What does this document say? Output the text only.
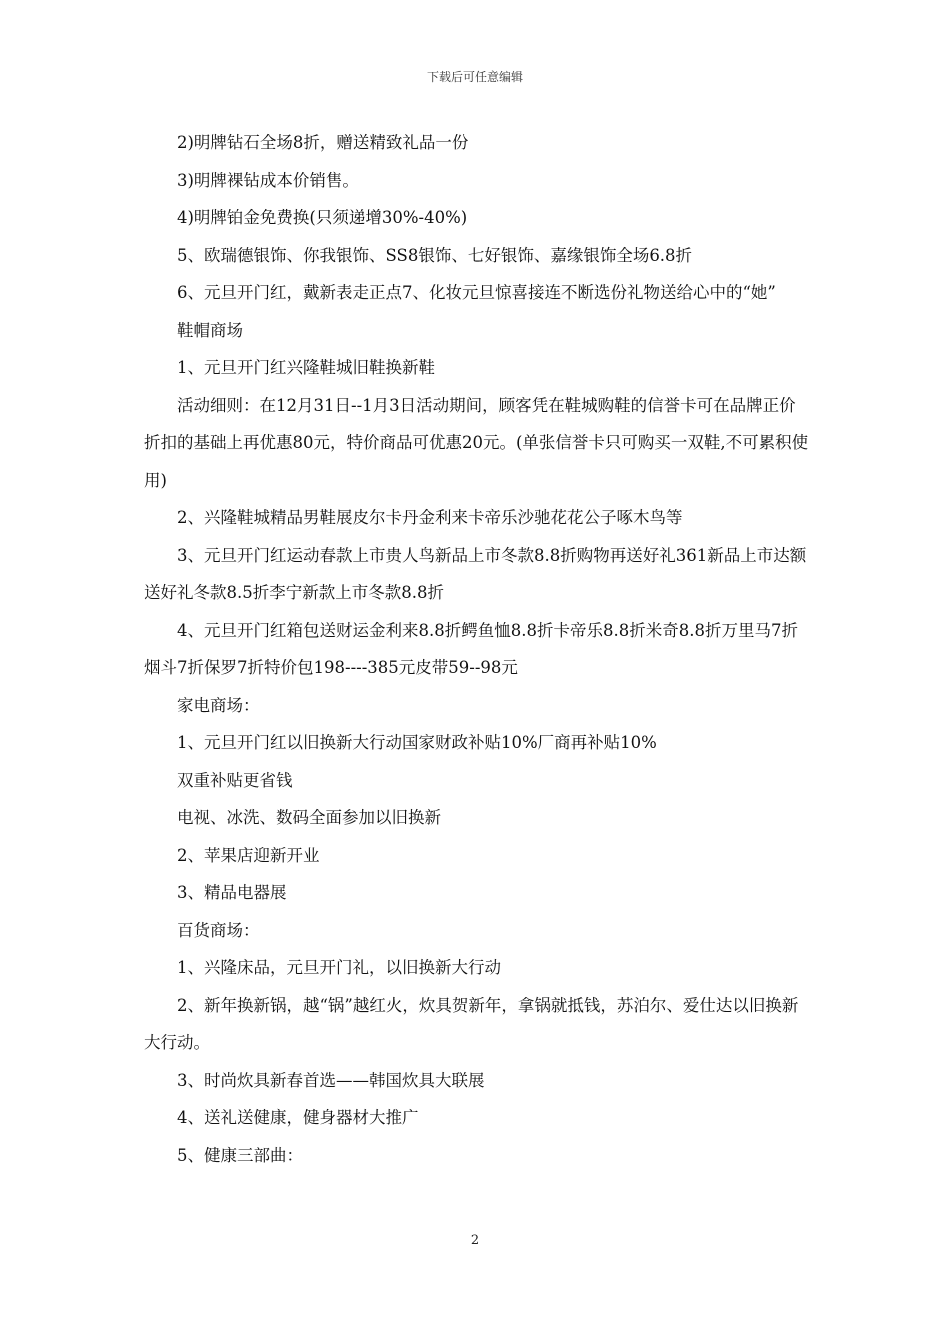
下载后可任意编辑

2)明牌钻石全场8折，赠送精致礼品一份

3)明牌裸钻成本价销售。

4)明牌铂金免费换(只须递增30%-40%)

5、欧瑞德银饰、你我银饰、SS8银饰、七好银饰、嘉缘银饰全场6.8折

6、元旦开门红，戴新表走正点7、化妆元旦惊喜接连不断选份礼物送给心中的“她”

鞋帽商场

1、元旦开门红兴隆鞋城旧鞋换新鞋

活动细则：在12月31日--1月3日活动期间，顾客凭在鞋城购鞋的信誉卡可在品牌正价折扣的基础上再优惠80元，特价商品可优惠20元。(单张信誉卡只可购买一双鞋,不可累积使用)

2、兴隆鞋城精品男鞋展皮尔卡丹金利来卡帝乐沙驰花花公子啄木鸟等

3、元旦开门红运动春款上市贵人鸟新品上市冬款8.8折购物再送好礼361新品上市达额送好礼冬款8.5折李宁新款上市冬款8.8折

4、元旦开门红箱包送财运金利来8.8折鳄鱼恤8.8折卡帝乐8.8折米奇8.8折万里马7折烟斗7折保罗7折特价包198----385元皮带59--98元

家电商场：

1、元旦开门红以旧换新大行动国家财政补贴10%厂商再补贴10%

双重补贴更省钱

电视、冰洗、数码全面参加以旧换新

2、苹果店迎新开业

3、精品电器展

百货商场：

1、兴隆床品，元旦开门礼，以旧换新大行动

2、新年换新锅，越“锅”越红火，炊具贺新年，拿锅就抵钱，苏泊尔、爱仕达以旧换新大行动。

3、时尚炊具新春首选——韩国炊具大联展

4、送礼送健康，健身器材大推广

5、健康三部曲：

2
